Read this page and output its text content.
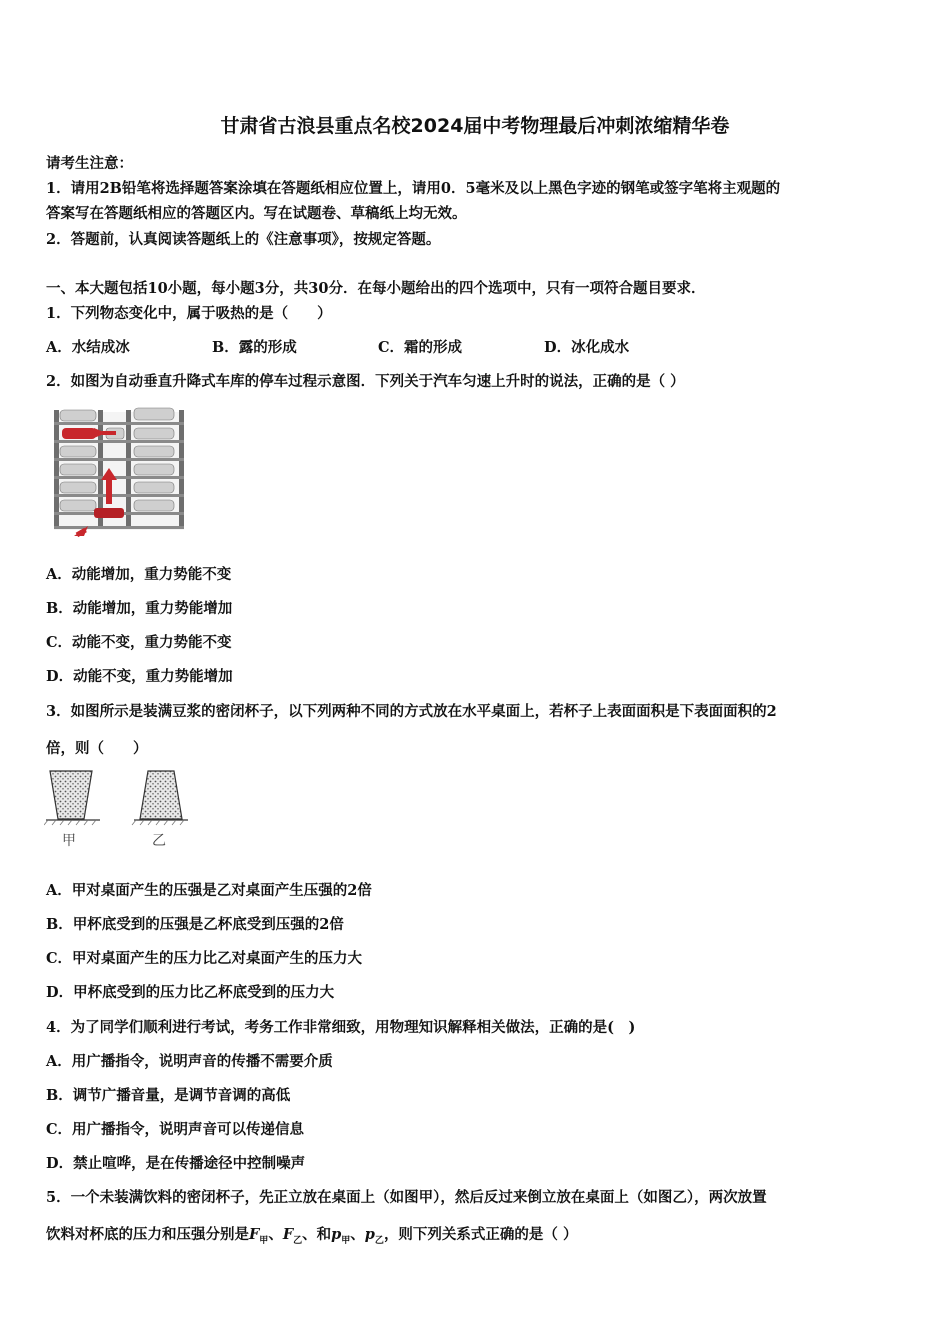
甘肃省古浪县重点名校2024届中考物理最后冲刺浓缩精华卷
请考生注意：
1．请用2B铅笔将选择题答案涂填在答题纸相应位置上，请用0．5毫米及以上黑色字迹的钢笔或签字笔将主观题的
答案写在答题纸相应的答题区内。写在试题卷、草稿纸上均无效。
2．答题前，认真阅读答题纸上的《注意事项》，按规定答题。
一、本大题包括10小题，每小题3分，共30分．在每小题给出的四个选项中，只有一项符合题目要求．
1．下列物态变化中，属于吸热的是（　　）
A．水结成冰	B．露的形成	C．霜的形成	D．冰化成水
2．如图为自动垂直升降式车库的停车过程示意图．下列关于汽车匀速上升时的说法，正确的是（ ）
A．动能增加，重力势能不变
B．动能增加，重力势能增加
C．动能不变，重力势能不变
D．动能不变，重力势能增加
3．如图所示是装满豆浆的密闭杯子，以下列两种不同的方式放在水平桌面上，若杯子上表面面积是下表面面积的2
倍，则（　　）
甲	乙
A．甲对桌面产生的压强是乙对桌面产生压强的2倍
B．甲杯底受到的压强是乙杯底受到压强的2倍
C．甲对桌面产生的压力比乙对桌面产生的压力大
D．甲杯底受到的压力比乙杯底受到的压力大
4．为了同学们顺利进行考试，考务工作非常细致，用物理知识解释相关做法，正确的是(　)
A．用广播指令，说明声音的传播不需要介质
B．调节广播音量，是调节音调的高低
C．用广播指令，说明声音可以传递信息
D．禁止喧哗，是在传播途径中控制噪声
5．一个未装满饮料的密闭杯子，先正立放在桌面上（如图甲），然后反过来倒立放在桌面上（如图乙），两次放置
饮料对杯底的压力和压强分别是$F_甲$、$F_乙$、和$p_甲$、$p_乙$，则下列关系式正确的是（ ）
